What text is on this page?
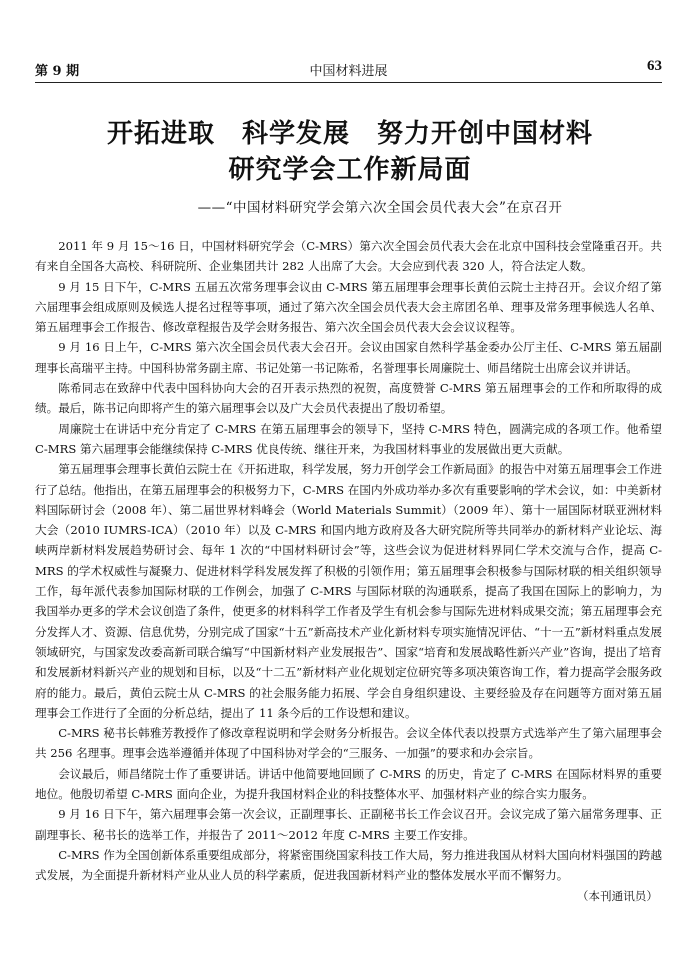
第 9 期	中国材料进展	63
开拓进取　科学发展　努力开创中国材料
研究学会工作新局面
——“中国材料研究学会第六次全国会员代表大会”在京召开

2011 年 9 月 15～16 日，中国材料研究学会（C-MRS）第六次全国会员代表大会在北京中国科技会堂隆重召开。共有来自全国各大高校、科研院所、企业集团共计 282 人出席了大会。大会应到代表 320 人，符合法定人数。

9 月 15 日下午，C-MRS 五届五次常务理事会议由 C-MRS 第五届理事会理事长黄伯云院士主持召开。会议介绍了第六届理事会组成原则及候选人提名过程等事项，通过了第六次全国会员代表大会主席团名单、理事及常务理事候选人名单、第五届理事会工作报告、修改章程报告及学会财务报告、第六次全国会员代表大会会议议程等。

9 月 16 日上午，C-MRS 第六次全国会员代表大会召开。会议由国家自然科学基金委办公厅主任、C-MRS 第五届副理事长高瑞平主持。中国科协常务副主席、书记处第一书记陈希，名誉理事长周廉院士、师昌绪院士出席会议并讲话。

陈希同志在致辞中代表中国科协向大会的召开表示热烈的祝贺，高度赞誉 C-MRS 第五届理事会的工作和所取得的成绩。最后，陈书记向即将产生的第六届理事会以及广大会员代表提出了殷切希望。

周廉院士在讲话中充分肯定了 C-MRS 在第五届理事会的领导下，坚持 C-MRS 特色，圆满完成的各项工作。他希望 C-MRS 第六届理事会能继续保持 C-MRS 优良传统、继往开来，为我国材料事业的发展做出更大贡献。

第五届理事会理事长黄伯云院士在《开拓进取，科学发展，努力开创学会工作新局面》的报告中对第五届理事会工作进行了总结。他指出，在第五届理事会的积极努力下，C-MRS 在国内外成功举办多次有重要影响的学术会议，如：中美新材料国际研讨会（2008 年）、第二届世界材料峰会（World Materials Summit）（2009 年）、第十一届国际材联亚洲材料大会（2010 IUMRS-ICA）（2010 年）以及 C-MRS 和国内地方政府及各大研究院所等共同举办的新材料产业论坛、海峡两岸新材料发展趋势研讨会、每年 1 次的“中国材料研讨会”等，这些会议为促进材料界同仁学术交流与合作，提高 C-MRS 的学术权威性与凝聚力、促进材料学科发展发挥了积极的引领作用；第五届理事会积极参与国际材联的相关组织领导工作，每年派代表参加国际材联的工作例会，加强了 C-MRS 与国际材联的沟通联系，提高了我国在国际上的影响力，为我国举办更多的学术会议创造了条件，使更多的材料科学工作者及学生有机会参与国际先进材料成果交流；第五届理事会充分发挥人才、资源、信息优势，分别完成了国家“十五”新高技术产业化新材料专项实施情况评估、“十一五”新材料重点发展领域研究，与国家发改委高新司联合编写“中国新材料产业发展报告”、国家“培育和发展战略性新兴产业”咨询，提出了培育和发展新材料新兴产业的规划和目标，以及“十二五”新材料产业化规划定位研究等多项决策咨询工作，着力提高学会服务政府的能力。最后，黄伯云院士从 C-MRS 的社会服务能力拓展、学会自身组织建设、主要经验及存在问题等方面对第五届理事会工作进行了全面的分析总结，提出了 11 条今后的工作设想和建议。

C-MRS 秘书长韩雅芳教授作了修改章程说明和学会财务分析报告。会议全体代表以投票方式选举产生了第六届理事会共 256 名理事。理事会选举遵循并体现了中国科协对学会的“三服务、一加强”的要求和办会宗旨。

会议最后，师昌绪院士作了重要讲话。讲话中他简要地回顾了 C-MRS 的历史，肯定了 C-MRS 在国际材料界的重要地位。他殷切希望 C-MRS 面向企业，为提升我国材料企业的科技整体水平、加强材料产业的综合实力服务。

9 月 16 日下午，第六届理事会第一次会议，正副理事长、正副秘书长工作会议召开。会议完成了第六届常务理事、正副理事长、秘书长的选举工作，并报告了 2011～2012 年度 C-MRS 主要工作安排。

C-MRS 作为全国创新体系重要组成部分，将紧密围绕国家科技工作大局，努力推进我国从材料大国向材料强国的跨越式发展，为全面提升新材料产业从业人员的科学素质，促进我国新材料产业的整体发展水平而不懈努力。

（本刊通讯员）
